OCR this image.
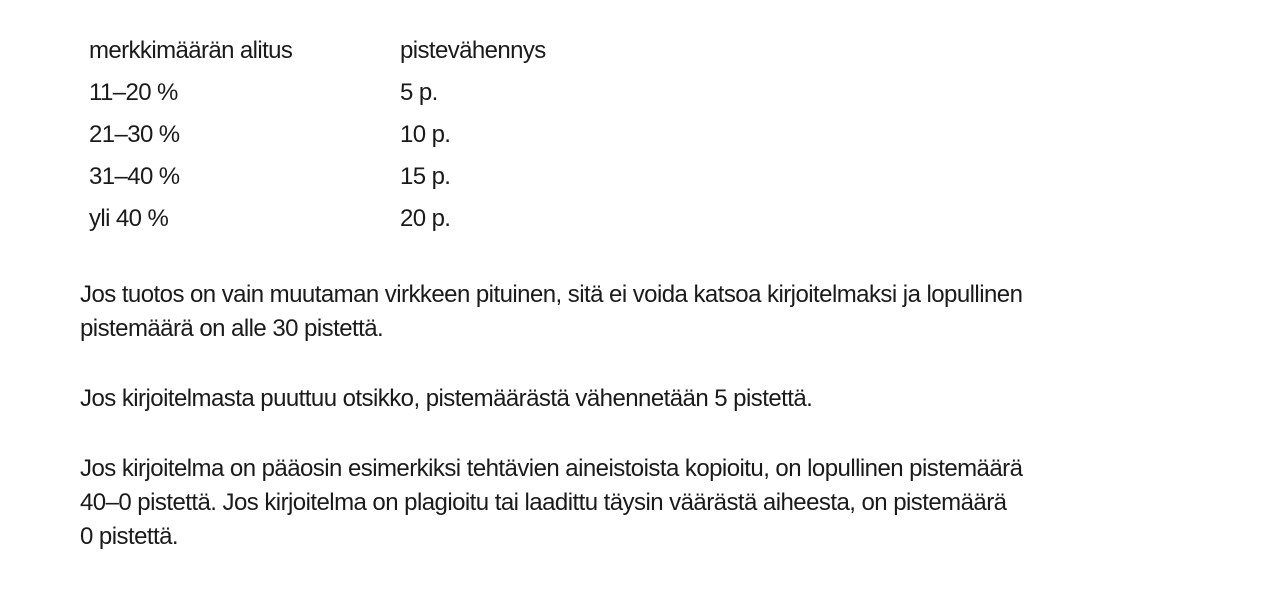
merkkimäärän alitus	pistevähennys
11–20 %	5 p.
21–30 %	10 p.
31–40 %	15 p.
yli 40 %	20 p.
Jos tuotos on vain muutaman virkkeen pituinen, sitä ei voida katsoa kirjoitelmaksi ja lopullinen
pistemäärä on alle 30 pistettä.
Jos kirjoitelmasta puuttuu otsikko, pistemäärästä vähennetään 5 pistettä.
Jos kirjoitelma on pääosin esimerkiksi tehtävien aineistoista kopioitu, on lopullinen pistemäärä
40–0 pistettä. Jos kirjoitelma on plagioitu tai laadittu täysin väärästä aiheesta, on pistemäärä
0 pistettä.
